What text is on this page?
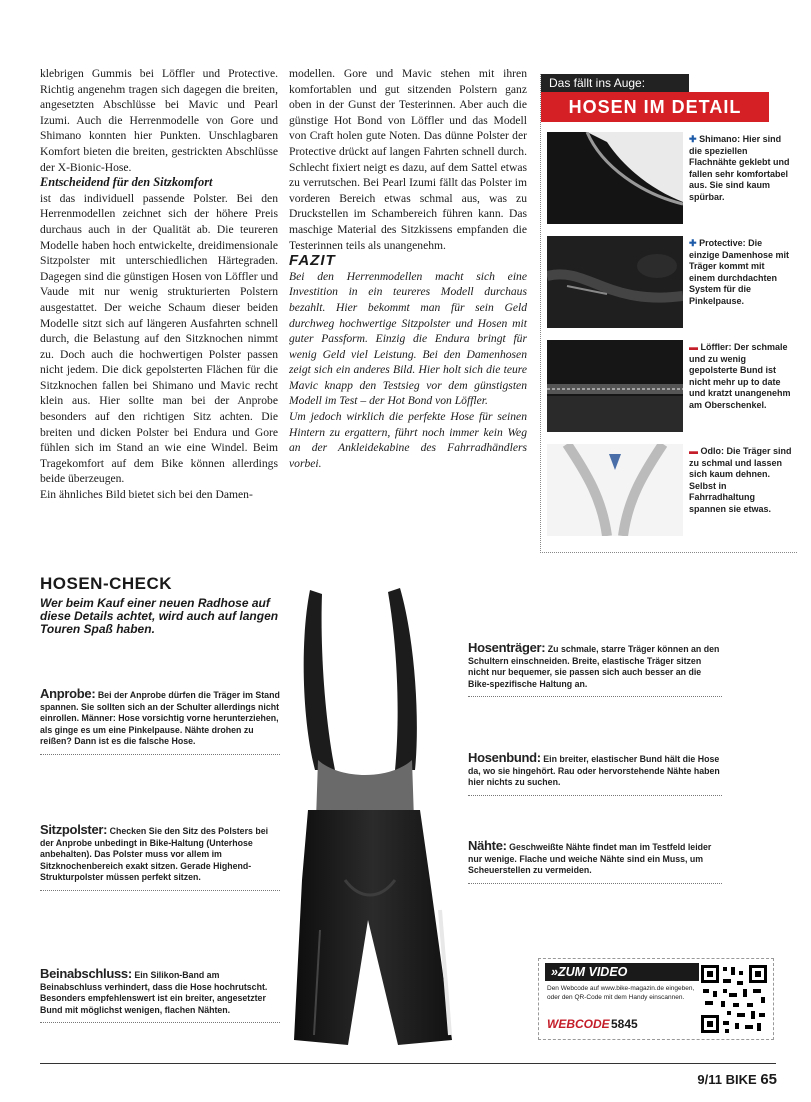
klebrigen Gummis bei Löffler und Protective. Richtig angenehm tragen sich dagegen die breiten, angesetzten Abschlüsse bei Mavic und Pearl Izumi. Auch die Herrenmodelle von Gore und Shimano konnten hier Punkten. Unschlagbaren Komfort bieten die breiten, gestrickten Abschlüsse der X-Bionic-Hose.

Entscheidend für den Sitzkomfort

ist das individuell passende Polster. Bei den Herrenmodellen zeichnet sich der höhere Preis durchaus auch in der Qualität ab. Die teureren Modelle haben hoch entwickelte, dreidimensionale Sitzpolster mit unterschiedlichen Härtegraden. Dagegen sind die günstigen Hosen von Löffler und Vaude mit nur wenig strukturierten Polstern ausgestattet. Der weiche Schaum dieser beiden Modelle sitzt sich auf längeren Ausfahrten schnell durch, die Belastung auf den Sitzknochen nimmt zu. Doch auch die hochwertigen Polster passen nicht jedem. Die dick gepolsterten Flächen für die Sitzknochen fallen bei Shimano und Mavic recht klein aus. Hier sollte man bei der Anprobe besonders auf den richtigen Sitz achten. Die breiten und dicken Polster bei Endura und Gore fühlen sich im Stand an wie eine Windel. Beim Tragekomfort auf dem Bike können allerdings beide überzeugen.

Ein ähnliches Bild bietet sich bei den Damen-

modellen. Gore und Mavic stehen mit ihren komfortablen und gut sitzenden Polstern ganz oben in der Gunst der Testerinnen. Aber auch die günstige Hot Bond von Löffler und das Modell von Craft holen gute Noten. Das dünne Polster der Protective drückt auf langen Fahrten schnell durch. Schlecht fixiert neigt es dazu, auf dem Sattel etwas zu verrutschen. Bei Pearl Izumi fällt das Polster im vorderen Bereich etwas schmal aus, was zu Druckstellen im Schambereich führen kann. Das maschige Material des Sitzkissens empfanden die Testerinnen teils als unangenehm.

FAZIT

Bei den Herrenmodellen macht sich eine Investition in ein teureres Modell durchaus bezahlt. Hier bekommt man für sein Geld durchweg hochwertige Sitzpolster und Hosen mit guter Passform. Einzig die Endura bringt für wenig Geld viel Leistung. Bei den Damenhosen zeigt sich ein anderes Bild. Hier holt sich die teure Mavic knapp den Testsieg vor dem günstigsten Modell im Test – der Hot Bond von Löffler.

Um jedoch wirklich die perfekte Hose für seinen Hintern zu ergattern, führt noch immer kein Weg an der Ankleidekabine des Fahrradhändlers vorbei.

Das fällt ins Auge:
HOSEN IM DETAIL
✚ Shimano: Hier sind die speziellen Flachnähte geklebt und fallen sehr komfortabel aus. Sie sind kaum spürbar.
✚ Protective: Die einzige Damenhose mit Träger kommt mit einem durchdachten System für die Pinkelpause.
▬ Löffler: Der schmale und zu wenig gepolsterte Bund ist nicht mehr up to date und kratzt unangenehm am Oberschenkel.
▬ Odlo: Die Träger sind zu schmal und lassen sich kaum dehnen. Selbst in Fahrradhaltung spannen sie etwas.
HOSEN-CHECK
Wer beim Kauf einer neuen Radhose auf diese Details achtet, wird auch auf langen Touren Spaß haben.
Anprobe: Bei der Anprobe dürfen die Träger im Stand spannen. Sie sollten sich an der Schulter allerdings nicht einrollen. Männer: Hose vorsichtig vorne herunterziehen, als ginge es um eine Pinkelpause. Nähte drohen zu reißen? Dann ist es die falsche Hose.
Sitzpolster: Checken Sie den Sitz des Polsters bei der Anprobe unbedingt in Bike-Haltung (Unterhose anbehalten). Das Polster muss vor allem im Sitzknochenbereich exakt sitzen. Gerade Highend-Strukturpolster müssen perfekt sitzen.
Beinabschluss: Ein Silikon-Band am Beinabschluss verhindert, dass die Hose hochrutscht. Besonders empfehlenswert ist ein breiter, angesetzter Bund mit möglichst wenigen, flachen Nähten.
Hosenträger: Zu schmale, starre Träger können an den Schultern einschneiden. Breite, elastische Träger sitzen nicht nur bequemer, sie passen sich auch besser an die Bike-spezifische Haltung an.
Hosenbund: Ein breiter, elastischer Bund hält die Hose da, wo sie hingehört. Rau oder hervorstehende Nähte haben hier nichts zu suchen.
Nähte: Geschweißte Nähte findet man im Testfeld leider nur wenige. Flache und weiche Nähte sind ein Muss, um Scheuerstellen zu vermeiden.
»ZUM VIDEO
Den Webcode auf www.bike-magazin.de eingeben, oder den QR-Code mit dem Handy einscannen.
WEBCODE 5845
9/11 BIKE 65
